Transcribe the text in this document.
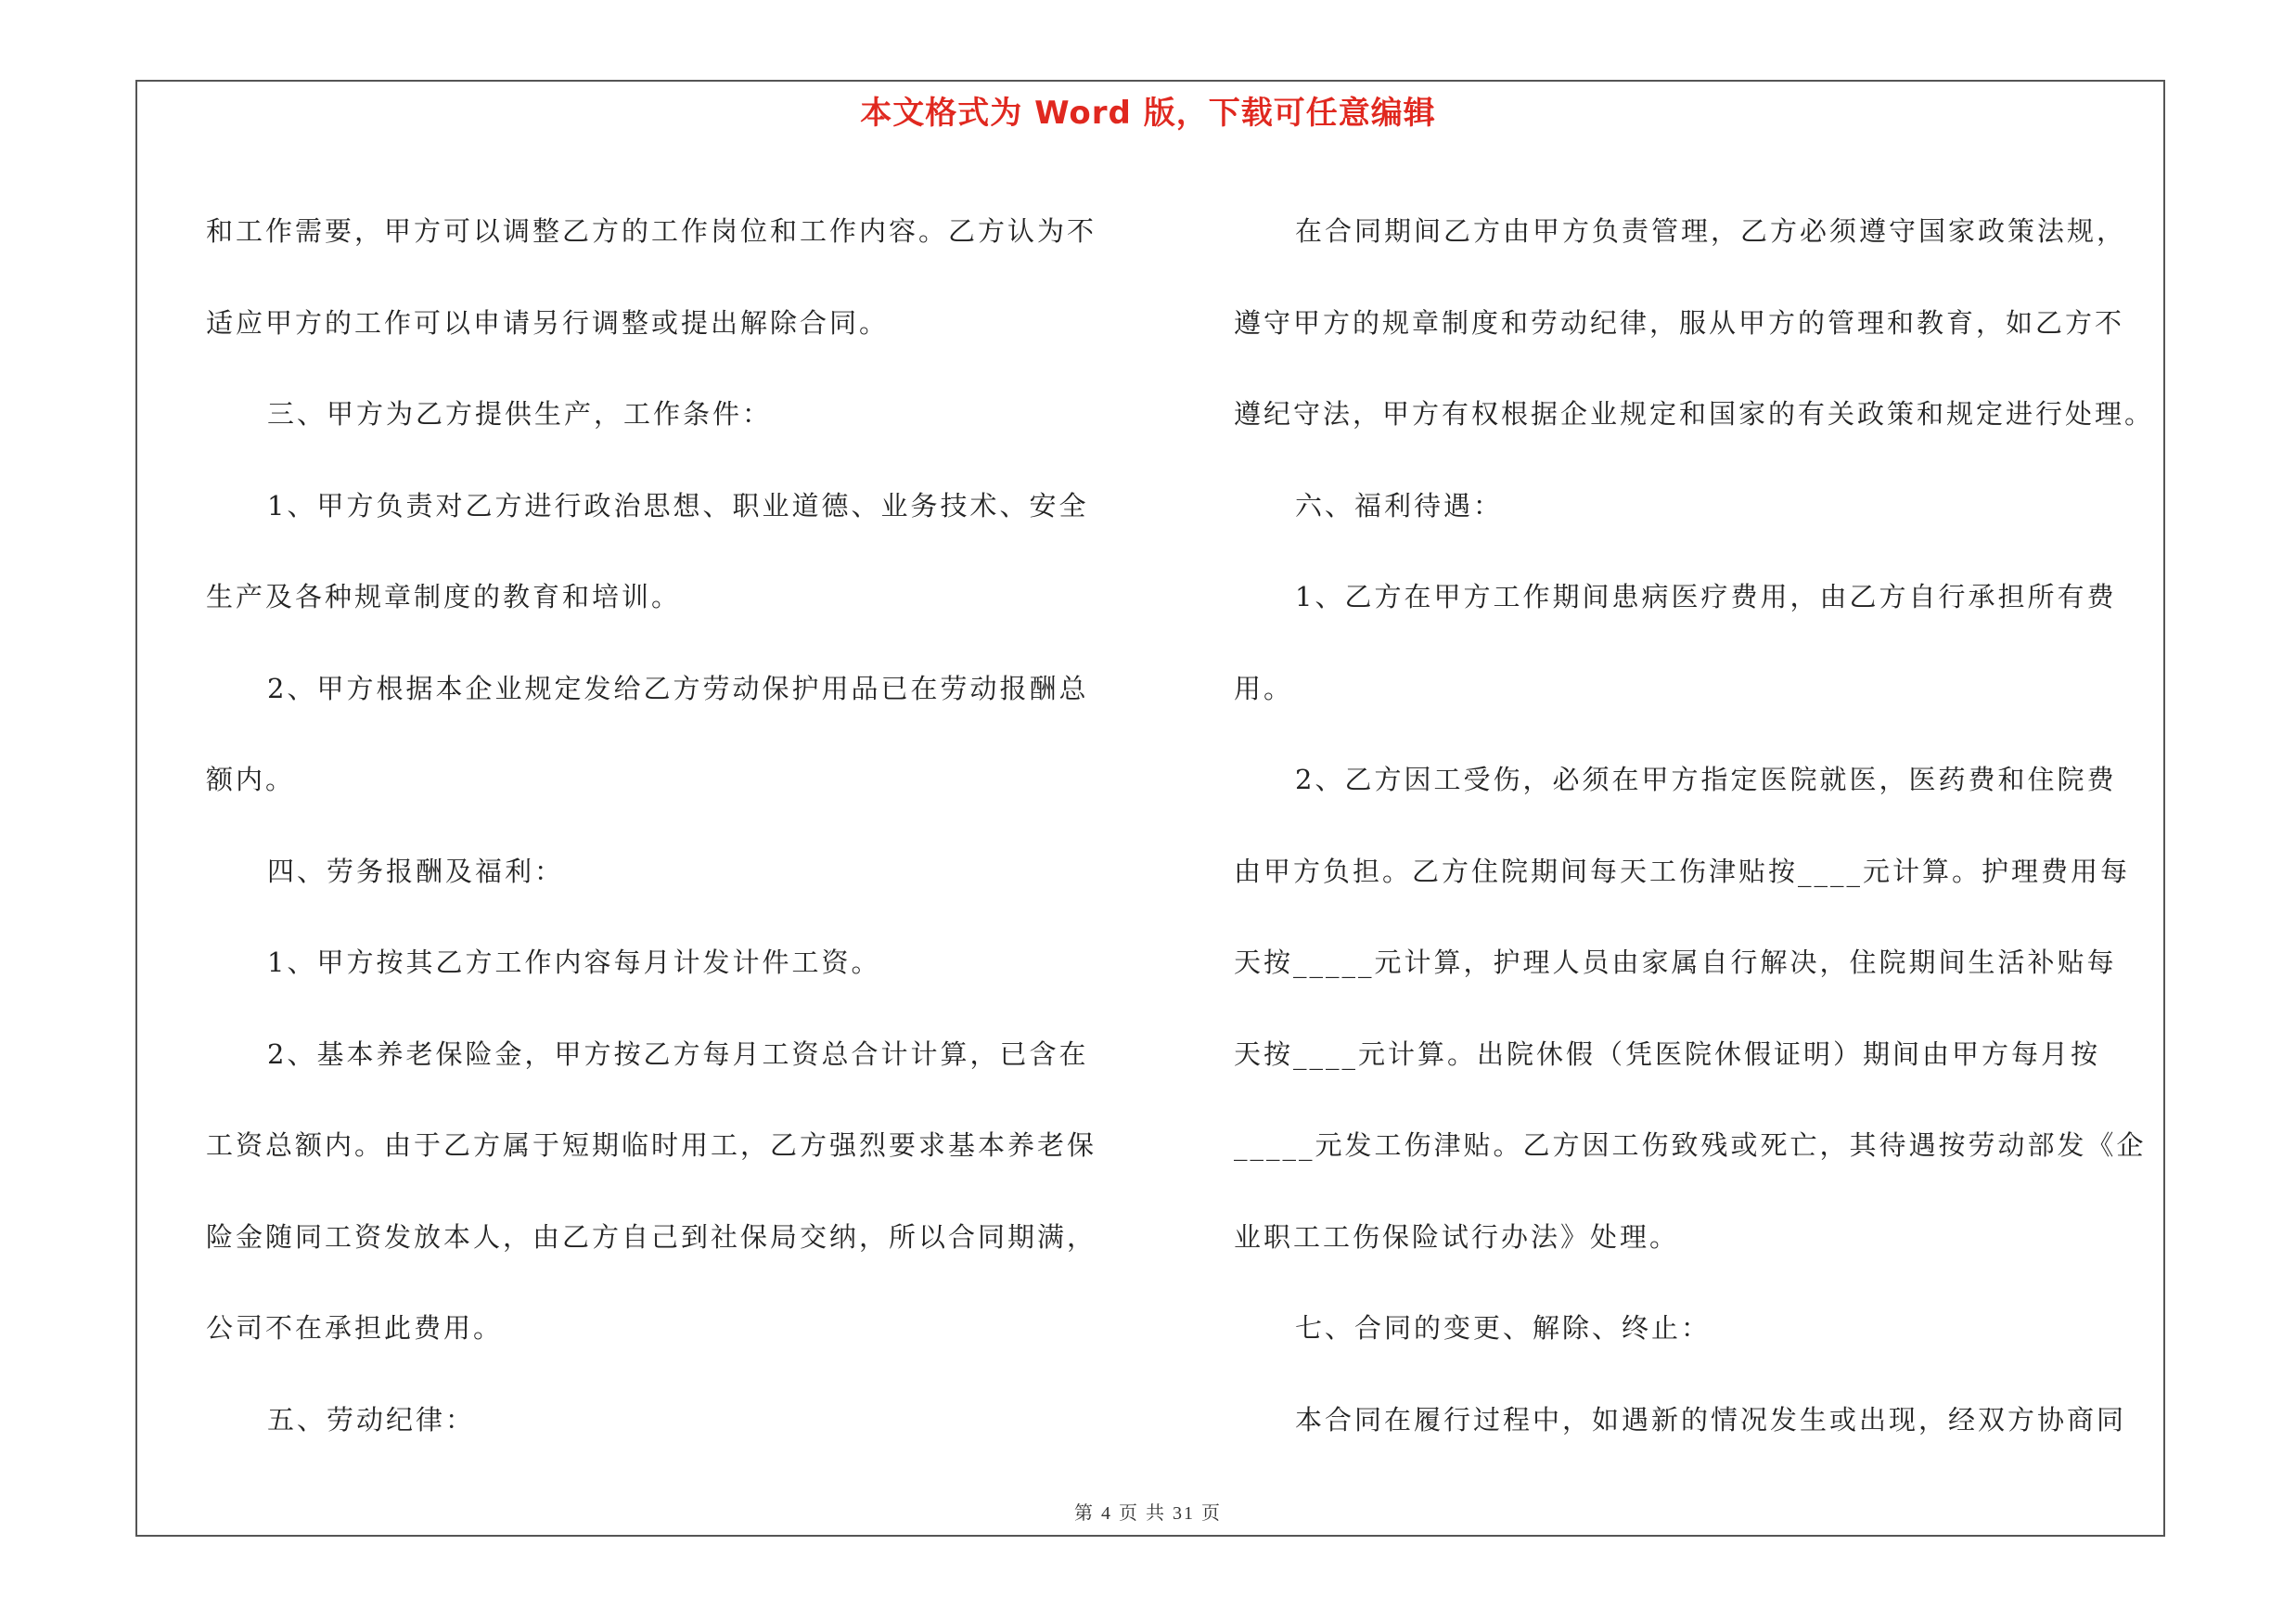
本文格式为 Word 版，下载可任意编辑
和工作需要，甲方可以调整乙方的工作岗位和工作内容。乙方认为不
适应甲方的工作可以申请另行调整或提出解除合同。
三、甲方为乙方提供生产，工作条件：
1、甲方负责对乙方进行政治思想、职业道德、业务技术、安全
生产及各种规章制度的教育和培训。
2、甲方根据本企业规定发给乙方劳动保护用品已在劳动报酬总
额内。
四、劳务报酬及福利：
1、甲方按其乙方工作内容每月计发计件工资。
2、基本养老保险金，甲方按乙方每月工资总合计计算，已含在
工资总额内。由于乙方属于短期临时用工，乙方强烈要求基本养老保
险金随同工资发放本人，由乙方自己到社保局交纳，所以合同期满，
公司不在承担此费用。
五、劳动纪律：
在合同期间乙方由甲方负责管理，乙方必须遵守国家政策法规，
遵守甲方的规章制度和劳动纪律，服从甲方的管理和教育，如乙方不
遵纪守法，甲方有权根据企业规定和国家的有关政策和规定进行处理。
六、福利待遇：
1、乙方在甲方工作期间患病医疗费用，由乙方自行承担所有费
用。
2、乙方因工受伤，必须在甲方指定医院就医，医药费和住院费
由甲方负担。乙方住院期间每天工伤津贴按____元计算。护理费用每
天按_____元计算，护理人员由家属自行解决，住院期间生活补贴每
天按____元计算。出院休假（凭医院休假证明）期间由甲方每月按
_____元发工伤津贴。乙方因工伤致残或死亡，其待遇按劳动部发《企
业职工工伤保险试行办法》处理。
七、合同的变更、解除、终止：
本合同在履行过程中，如遇新的情况发生或出现，经双方协商同
第 4 页 共 31 页
